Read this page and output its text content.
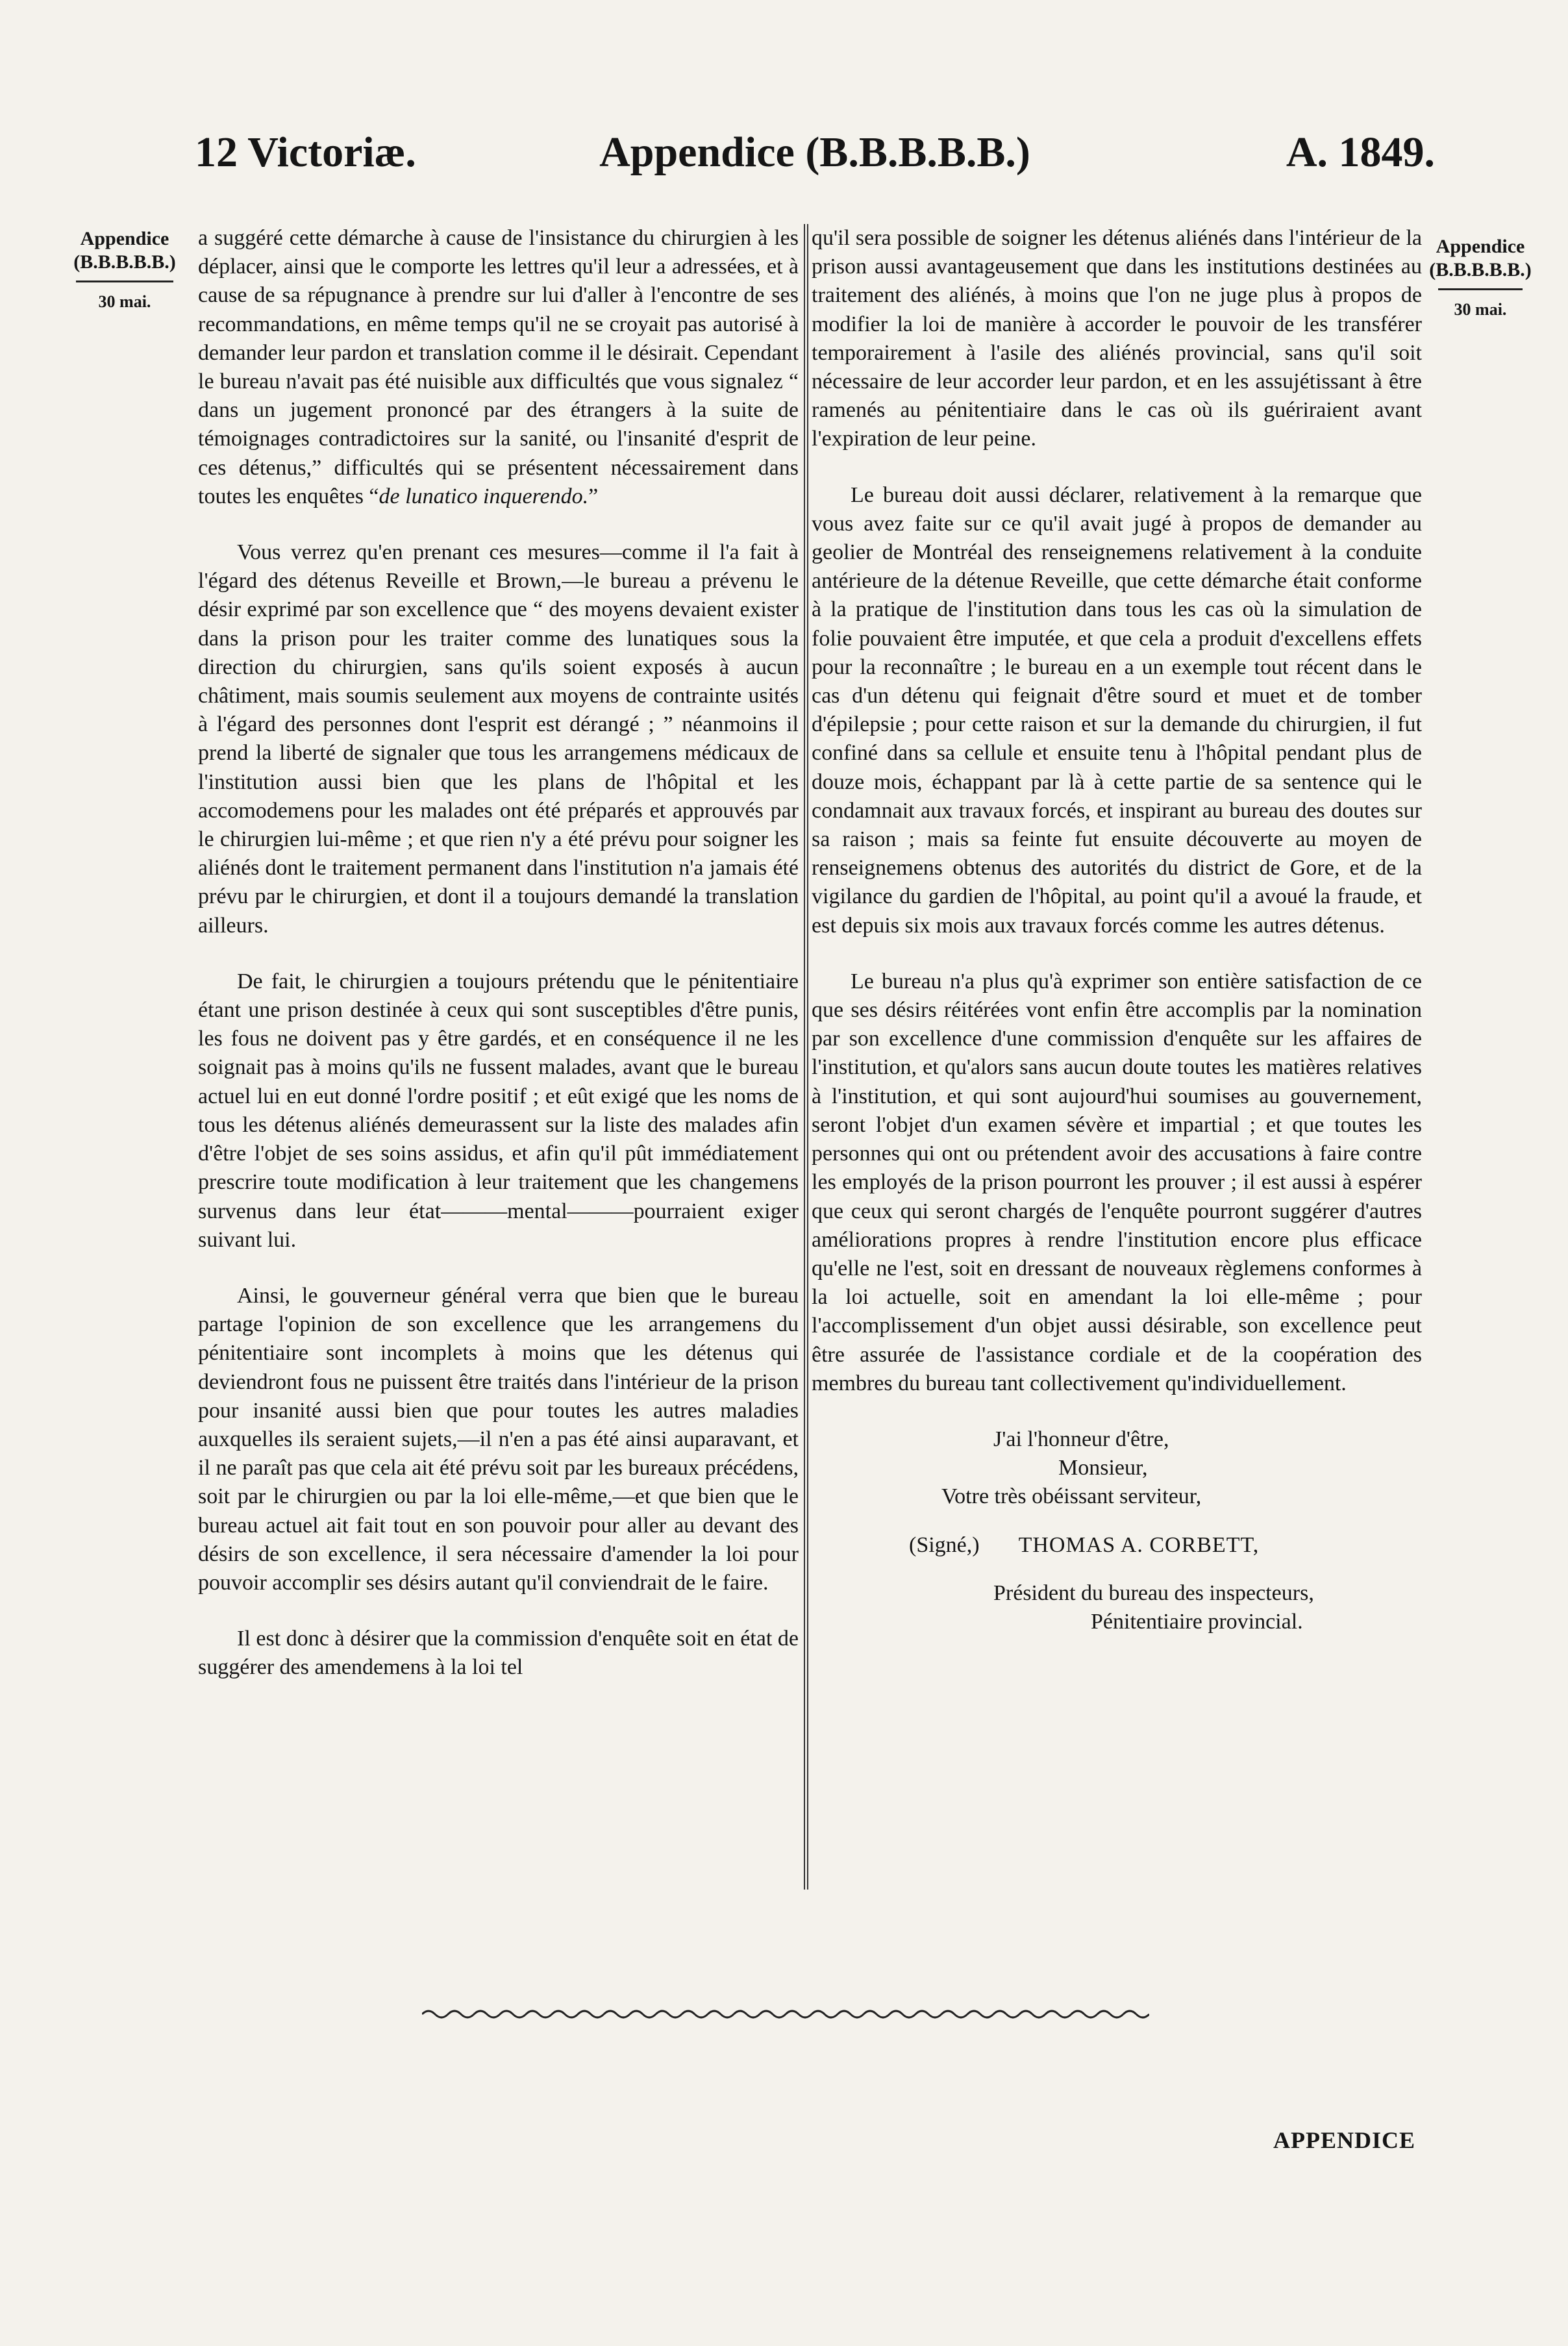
12 Victoriæ.	Appendice (B.B.B.B.B.)	A. 1849.
Appendice
(B.B.B.B.B.)
30 mai.
Appendice
(B.B.B.B.B.)
30 mai.

a suggéré cette démarche à cause de l'insistance du chirurgien à les déplacer, ainsi que le comporte les lettres qu'il leur a adressées, et à cause de sa répugnance à prendre sur lui d'aller à l'encontre de ses recommandations, en même temps qu'il ne se croyait pas autorisé à demander leur pardon et translation comme il le désirait. Cependant le bureau n'avait pas été nuisible aux difficultés que vous signalez “ dans un jugement prononcé par des étrangers à la suite de témoignages contradictoires sur la sanité, ou l'insanité d'esprit de ces détenus,” difficultés qui se présentent nécessairement dans toutes les enquêtes “de lunatico inquerendo.”

Vous verrez qu'en prenant ces mesures—comme il l'a fait à l'égard des détenus Reveille et Brown,—le bureau a prévenu le désir exprimé par son excellence que “ des moyens devaient exister dans la prison pour les traiter comme des lunatiques sous la direction du chirurgien, sans qu'ils soient exposés à aucun châtiment, mais soumis seulement aux moyens de contrainte usités à l'égard des personnes dont l'esprit est dérangé ; ” néanmoins il prend la liberté de signaler que tous les arrangemens médicaux de l'institution aussi bien que les plans de l'hôpital et les accomodemens pour les malades ont été préparés et approuvés par le chirurgien lui-même ; et que rien n'y a été prévu pour soigner les aliénés dont le traitement permanent dans l'institution n'a jamais été prévu par le chirurgien, et dont il a toujours demandé la translation ailleurs.

De fait, le chirurgien a toujours prétendu que le pénitentiaire étant une prison destinée à ceux qui sont susceptibles d'être punis, les fous ne doivent pas y être gardés, et en conséquence il ne les soignait pas à moins qu'ils ne fussent malades, avant que le bureau actuel lui en eut donné l'ordre positif ; et eût exigé que les noms de tous les détenus aliénés demeurassent sur la liste des malades afin d'être l'objet de ses soins assidus, et afin qu'il pût immédiatement prescrire toute modification à leur traitement que les changemens survenus dans leur état———mental———pourraient exiger suivant lui.

Ainsi, le gouverneur général verra que bien que le bureau partage l'opinion de son excellence que les arrangemens du pénitentiaire sont incomplets à moins que les détenus qui deviendront fous ne puissent être traités dans l'intérieur de la prison pour insanité aussi bien que pour toutes les autres maladies auxquelles ils seraient sujets,—il n'en a pas été ainsi auparavant, et il ne paraît pas que cela ait été prévu soit par les bureaux précédens, soit par le chirurgien ou par la loi elle-même,—et que bien que le bureau actuel ait fait tout en son pouvoir pour aller au devant des désirs de son excellence, il sera nécessaire d'amender la loi pour pouvoir accomplir ses désirs autant qu'il conviendrait de le faire.

Il est donc à désirer que la commission d'enquête soit en état de suggérer des amendemens à la loi tel

qu'il sera possible de soigner les détenus aliénés dans l'intérieur de la prison aussi avantageusement que dans les institutions destinées au traitement des aliénés, à moins que l'on ne juge plus à propos de modifier la loi de manière à accorder le pouvoir de les transférer temporairement à l'asile des aliénés provincial, sans qu'il soit nécessaire de leur accorder leur pardon, et en les assujétissant à être ramenés au pénitentiaire dans le cas où ils guériraient avant l'expiration de leur peine.

Le bureau doit aussi déclarer, relativement à la remarque que vous avez faite sur ce qu'il avait jugé à propos de demander au geolier de Montréal des renseignemens relativement à la conduite antérieure de la détenue Reveille, que cette démarche était conforme à la pratique de l'institution dans tous les cas où la simulation de folie pouvaient être imputée, et que cela a produit d'excellens effets pour la reconnaître ; le bureau en a un exemple tout récent dans le cas d'un détenu qui feignait d'être sourd et muet et de tomber d'épilepsie ; pour cette raison et sur la demande du chirurgien, il fut confiné dans sa cellule et ensuite tenu à l'hôpital pendant plus de douze mois, échappant par là à cette partie de sa sentence qui le condamnait aux travaux forcés, et inspirant au bureau des doutes sur sa raison ; mais sa feinte fut ensuite découverte au moyen de renseignemens obtenus des autorités du district de Gore, et de la vigilance du gardien de l'hôpital, au point qu'il a avoué la fraude, et est depuis six mois aux travaux forcés comme les autres détenus.

Le bureau n'a plus qu'à exprimer son entière satisfaction de ce que ses désirs réitérées vont enfin être accomplis par la nomination par son excellence d'une commission d'enquête sur les affaires de l'institution, et qu'alors sans aucun doute toutes les matières relatives à l'institution, et qui sont aujourd'hui soumises au gouvernement, seront l'objet d'un examen sévère et impartial ; et que toutes les personnes qui ont ou prétendent avoir des accusations à faire contre les employés de la prison pourront les prouver ; il est aussi à espérer que ceux qui seront chargés de l'enquête pourront suggérer d'autres améliorations propres à rendre l'institution encore plus efficace qu'elle ne l'est, soit en dressant de nouveaux règlemens conformes à la loi actuelle, soit en amendant la loi elle-même ; pour l'accomplissement d'un objet aussi désirable, son excellence peut être assurée de l'assistance cordiale et de la coopération des membres du bureau tant collectivement qu'individuellement.

J'ai l'honneur d'être,
Monsieur,
Votre très obéissant serviteur,
(Signé,) THOMAS A. CORBETT,
Président du bureau des inspecteurs,
Pénitentiaire provincial.
APPENDICE
